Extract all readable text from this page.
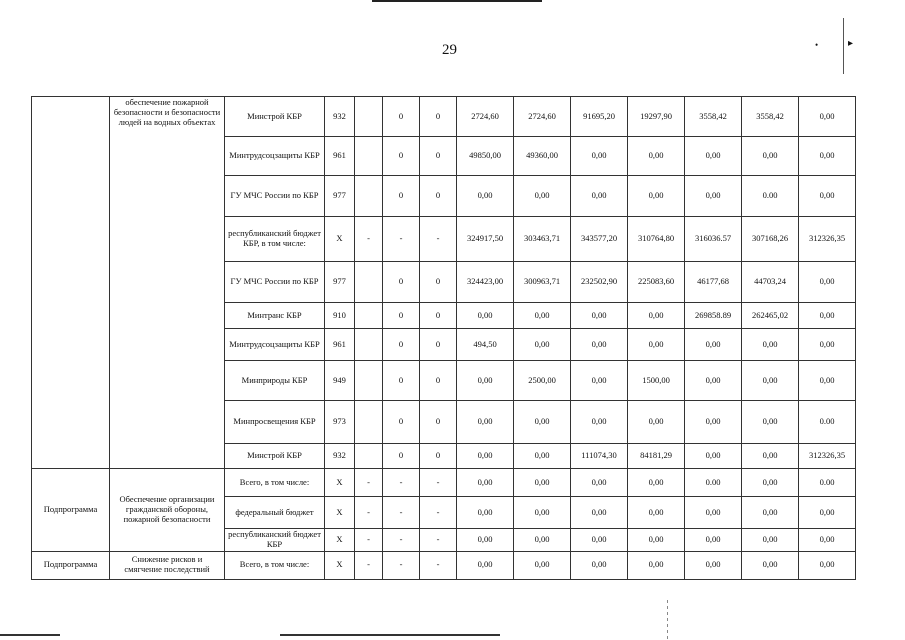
29	•	▸
	обеспечение пожарной безопасности и безопасности людей на водных объектах	Минстрой КБР	932		0	0	2724,60	2724,60	91695,20	19297,90	3558,42	3558,42	0,00
		Минтрудсоцзащиты КБР	961		0	0	49850,00	49360,00	0,00	0,00	0,00	0,00	0,00
		ГУ МЧС России по КБР	977		0	0	0,00	0,00	0,00	0,00	0,00	0.00	0,00
		республиканский бюджет КБР, в том числе:	X	-	-	-	324917,50	303463,71	343577,20	310764,80	316036.57	307168,26	312326,35
		ГУ МЧС России по КБР	977		0	0	324423,00	300963,71	232502,90	225083,60	46177,68	44703,24	0,00
		Минтранс КБР	910		0	0	0,00	0,00	0,00	0,00	269858.89	262465,02	0,00
		Минтрудсоцзащиты КБР	961		0	0	494,50	0,00	0,00	0,00	0,00	0,00	0,00
		Минприроды КБР	949		0	0	0,00	2500,00	0,00	1500,00	0,00	0,00	0,00
		Минпросвещения КБР	973		0	0	0,00	0,00	0,00	0,00	0,00	0,00	0.00
		Минстрой КБР	932		0	0	0,00	0,00	111074,30	84181,29	0,00	0,00	312326,35
Подпрограмма	Обеспечение организации гражданской обороны, пожарной безопасности	Всего, в том числе:	X	-	-	-	0,00	0,00	0,00	0,00	0.00	0,00	0.00
		федеральный бюджет	X	-	-	-	0,00	0,00	0,00	0,00	0,00	0,00	0,00
		республиканский бюджет КБР	X	-	-	-	0,00	0,00	0,00	0,00	0,00	0,00	0,00
Подпрограмма	Снижение рисков и смягчение последствий	Всего, в том числе:	X	-	-	-	0,00	0,00	0,00	0,00	0,00	0,00	0,00
